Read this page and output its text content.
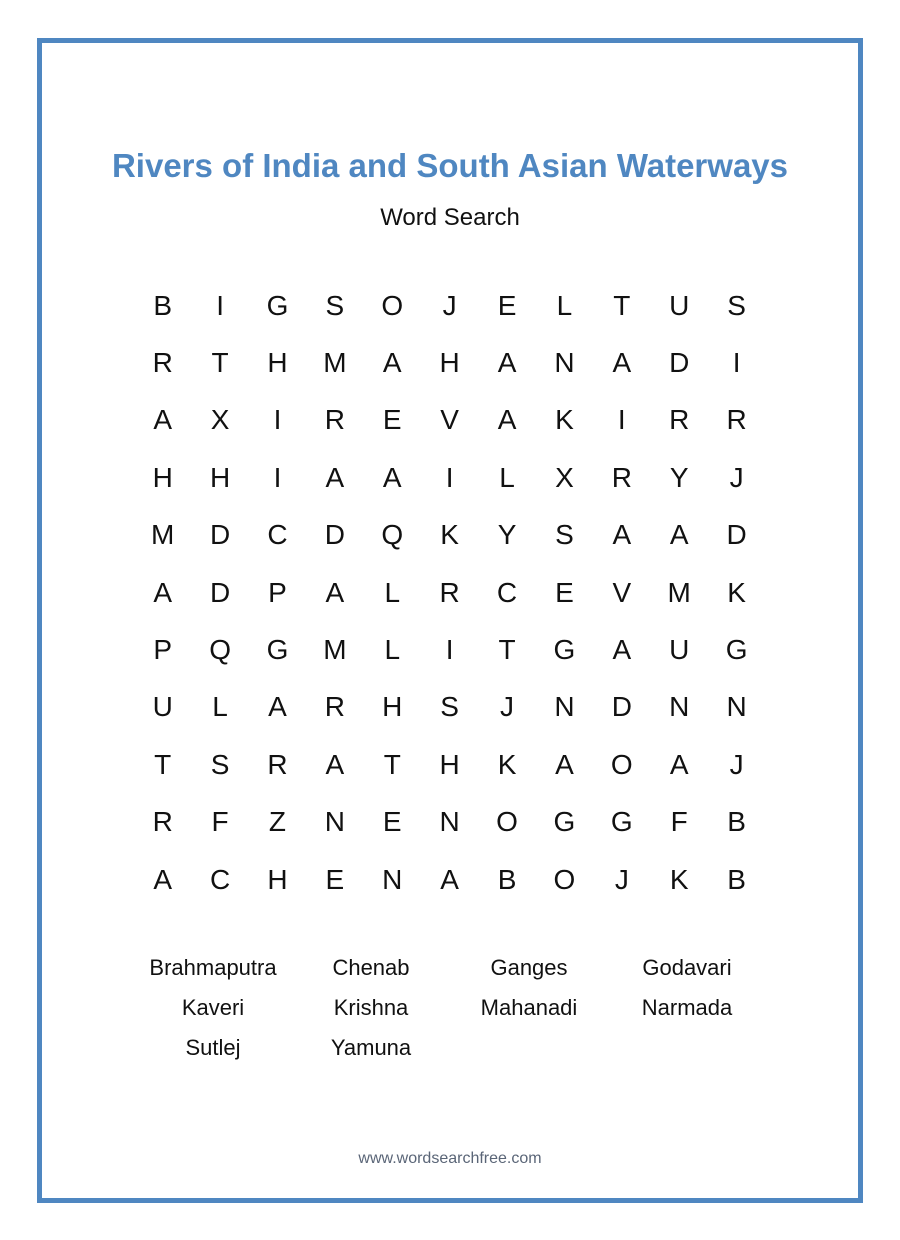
Rivers of India and South Asian Waterways
Word Search
B	I	G	S	O	J	E	L	T	U	S
R	T	H	M	A	H	A	N	A	D	I
A	X	I	R	E	V	A	K	I	R	R
H	H	I	A	A	I	L	X	R	Y	J
M	D	C	D	Q	K	Y	S	A	A	D
A	D	P	A	L	R	C	E	V	M	K
P	Q	G	M	L	I	T	G	A	U	G
U	L	A	R	H	S	J	N	D	N	N
T	S	R	A	T	H	K	A	O	A	J
R	F	Z	N	E	N	O	G	G	F	B
A	C	H	E	N	A	B	O	J	K	B
Brahmaputra	Chenab	Ganges	Godavari
Kaveri	Krishna	Mahanadi	Narmada
Sutlej	Yamuna
www.wordsearchfree.com
